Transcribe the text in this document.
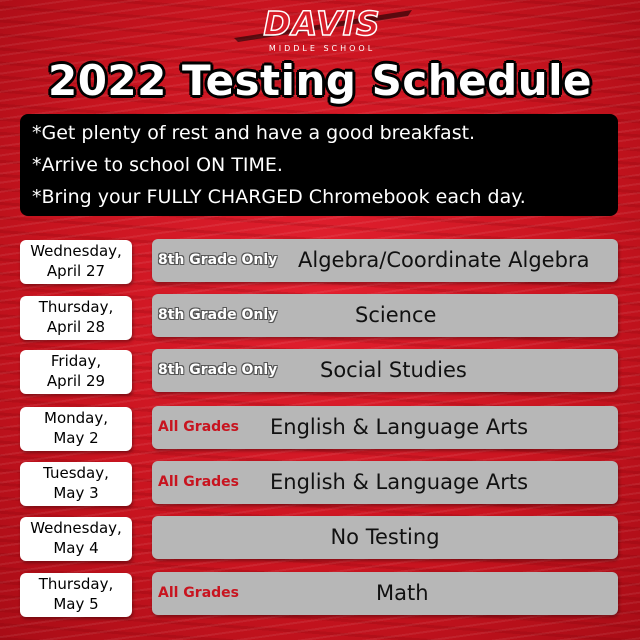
DAVIS
MIDDLE SCHOOL
2022 Testing Schedule
*Get plenty of rest and have a good breakfast.
*Arrive to school ON TIME.
*Bring your FULLY CHARGED Chromebook each day.
Wednesday,
April 27
8th Grade Only Algebra/Coordinate Algebra
Thursday,
April 28
8th Grade Only	Science
Friday,
April 29
8th Grade Only Social Studies
Monday,
May 2
All Grades English & Language Arts
Tuesday,
May 3
All Grades English & Language Arts
Wednesday,
May 4	No Testing
Thursday,
May 5
All Grades	Math
